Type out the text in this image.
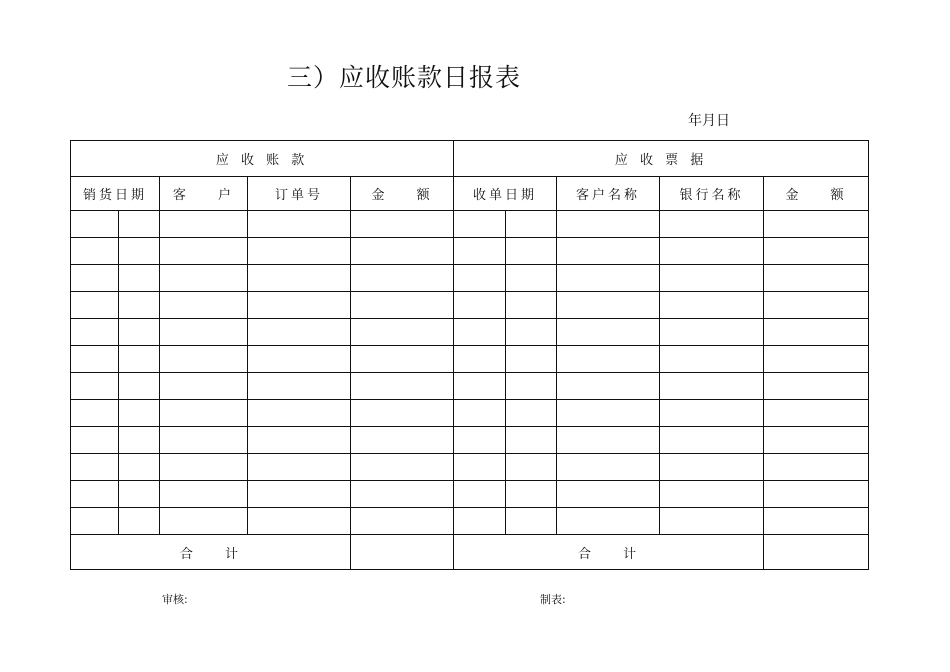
三）应收账款日报表
年月日
应 收 账 款					应 收 票 据				
销货日期		客 户	订单号	金 额	收单日期		客户名称	银行名称	金 额

合 计					合 计				
审核:	制表:
